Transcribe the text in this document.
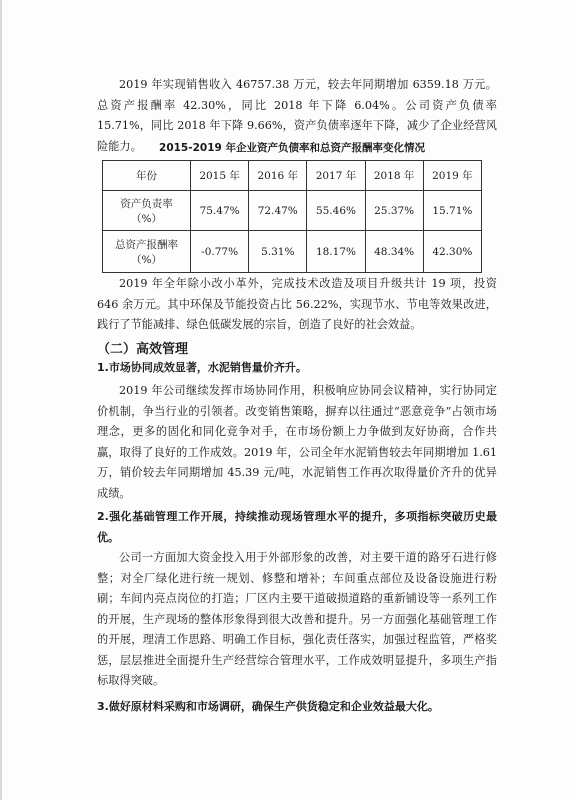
2019 年实现销售收入 46757.38 万元，较去年同期增加 6359.18 万元。总资产报酬率 42.30%，同比 2018 年下降 6.04%。公司资产负债率 15.71%，同比 2018 年下降 9.66%，资产负债率逐年下降，减少了企业经营风险能力。	2015-2019 年企业资产负债率和总资产报酬率变化情况
年份	2015 年	2016 年	2017 年	2018 年	2019 年

资产负责率
（%）	75.47%	72.47%	55.46%	25.37%	15.71%

总资产报酬率
（%）	-0.77%	5.31%	18.17%	48.34%	42.30%
2019 年全年除小改小革外，完成技术改造及项目升级共计 19 项，投资 646 余万元。其中环保及节能投资占比 56.22%，实现节水、节电等效果改进，践行了节能减排、绿色低碳发展的宗旨，创造了良好的社会效益。
（二）高效管理
1.市场协同成效显著，水泥销售量价齐升。
2019 年公司继续发挥市场协同作用，积极响应协同会议精神，实行协同定价机制，争当行业的引领者。改变销售策略，摒弃以往通过“恶意竞争”占领市场理念，更多的固化和同化竞争对手，在市场份额上力争做到友好协商，合作共赢，取得了良好的工作成效。2019 年，公司全年水泥销售较去年同期增加 1.61 万，销价较去年同期增加 45.39 元/吨，水泥销售工作再次取得量价齐升的优异成绩。
2.强化基础管理工作开展，持续推动现场管理水平的提升，多项指标突破历史最优。
公司一方面加大资金投入用于外部形象的改善，对主要干道的路牙石进行修整；对全厂绿化进行统一规划、修整和增补；车间重点部位及设备设施进行粉刷；车间内亮点岗位的打造；厂区内主要干道破损道路的重新铺设等一系列工作的开展，生产现场的整体形象得到很大改善和提升。另一方面强化基础管理工作的开展，理清工作思路、明确工作目标，强化责任落实，加强过程监管，严格奖惩，层层推进全面提升生产经营综合管理水平，工作成效明显提升，多项生产指标取得突破。
3.做好原材料采购和市场调研，确保生产供货稳定和企业效益最大化。
